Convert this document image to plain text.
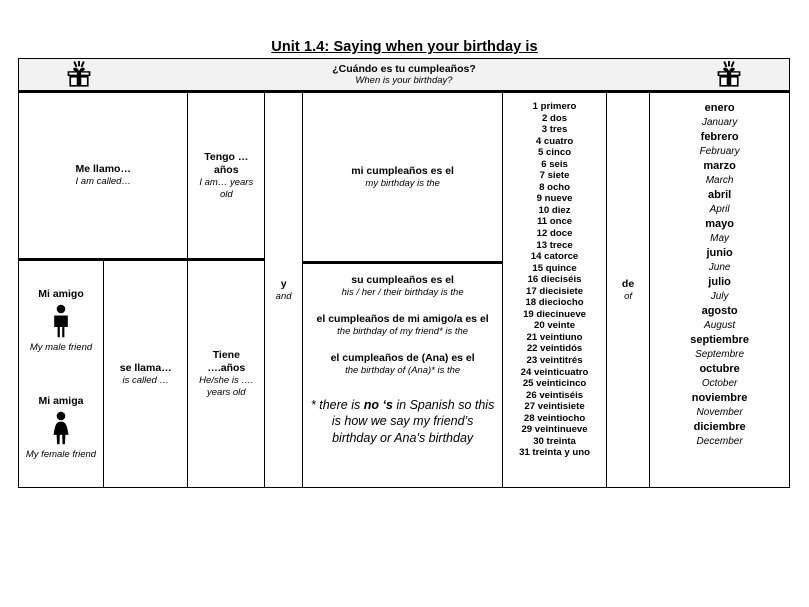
Unit 1.4: Saying when your birthday is
¿Cuándo es tu cumpleaños?
When is your birthday?
Me llamo…
I am called…
Mi amigo
My male friend
Mi amiga
My female friend
se llama…
is called …
Tengo …años
I am… years old
Tiene ….años
He/she is …. years old
y
and
mi cumpleaños es el
my birthday is the
su cumpleaños es el
his / her / their birthday is the
el cumpleaños de mi amigo/a es el
the birthday of my friend* is the
el cumpleaños de (Ana) es el
the birthday of (Ana)* is the
* there is no ‘s in Spanish so this is how we say my friend’s birthday or Ana’s birthday
1 primero
2 dos
3 tres
4 cuatro
5 cinco
6 seis
7 siete
8 ocho
9 nueve
10 diez
11 once
12 doce
13 trece
14 catorce
15 quince
16 dieciséis
17 diecisiete
18 dieciocho
19 diecinueve
20 veinte
21 veintiuno
22 veintidós
23 veintitrés
24 veinticuatro
25 veinticinco
26 veintiséis
27 veintisiete
28 veintiocho
29 veintinueve
30 treinta
31 treinta y uno
de
of
enero
January
febrero
February
marzo
March
abril
April
mayo
May
junio
June
julio
July
agosto
August
septiembre
Septembre
octubre
October
noviembre
November
diciembre
December
